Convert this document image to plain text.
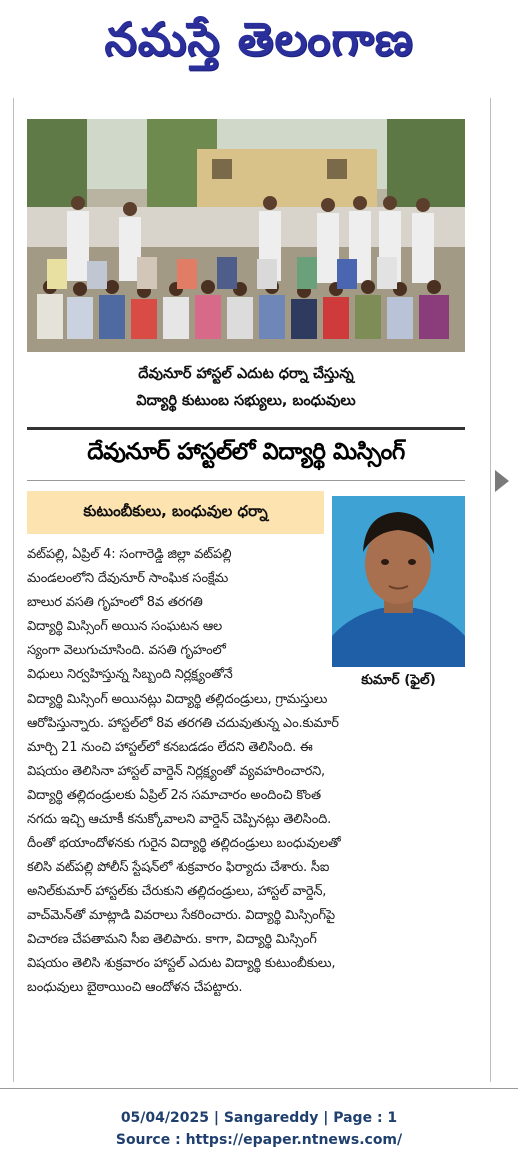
నమస్తే తెలంగాణ
దేవునూర్ హాస్టల్ ఎదుట ధర్నా చేస్తున్న
విద్యార్థి కుటుంబ సభ్యులు, బంధువులు
దేవునూర్ హాస్టల్‌లో విద్యార్థి మిస్సింగ్
కుటుంబీకులు, బంధువుల ధర్నా
కుమార్ (ఫైల్)
వట్‌పల్లి, ఏప్రిల్ 4: సంగారెడ్డి జిల్లా వట్‌పల్లి
మండలంలోని దేవునూర్ సాంఘిక సంక్షేమ
బాలుర వసతి గృహంలో 8వ తరగతి
విద్యార్థి మిస్సింగ్ అయిన సంఘటన ఆల
స్యంగా వెలుగుచూసింది. వసతి గృహంలో
విధులు నిర్వహిస్తున్న సిబ్బంది నిర్లక్ష్యంతోనే
విద్యార్థి మిస్సింగ్ అయినట్లు విద్యార్థి తల్లిదండ్రులు, గ్రామస్తులు
ఆరోపిస్తున్నారు. హాస్టల్‌లో 8వ తరగతి చదువుతున్న ఎం.కుమార్
మార్చి 21 నుంచి హాస్టల్‌లో కనబడడం లేదని తెలిసింది. ఈ
విషయం తెలిసినా హాస్టల్ వార్డెన్ నిర్లక్ష్యంతో వ్యవహరించారని,
విద్యార్థి తల్లిదండ్రులకు ఏప్రిల్ 2న సమాచారం అందించి కొంత
నగదు ఇచ్చి ఆచూకీ కనుక్కోవాలని వార్డెన్ చెప్పినట్లు తెలిసింది.
దీంతో భయాందోళనకు గురైన విద్యార్థి తల్లిదండ్రులు బంధువులతో
కలిసి వట్‌పల్లి పోలీస్ స్టేషన్‌లో శుక్రవారం ఫిర్యాదు చేశారు. సీఐ
అనిల్‌కుమార్ హాస్టల్‌కు చేరుకుని తల్లిదండ్రులు, హాస్టల్ వార్డెన్,
వాచ్‌మెన్‌తో మాట్లాడి వివరాలు సేకరించారు. విద్యార్థి మిస్సింగ్‌పై
విచారణ చేపతామని సీఐ తెలిపారు. కాగా, విద్యార్థి మిస్సింగ్
విషయం తెలిసి శుక్రవారం హాస్టల్ ఎదుట విద్యార్థి కుటుంబీకులు,
బంధువులు బైఠాయించి ఆందోళన చేపట్టారు.
05/04/2025 | Sangareddy | Page : 1
Source : https://epaper.ntnews.com/
